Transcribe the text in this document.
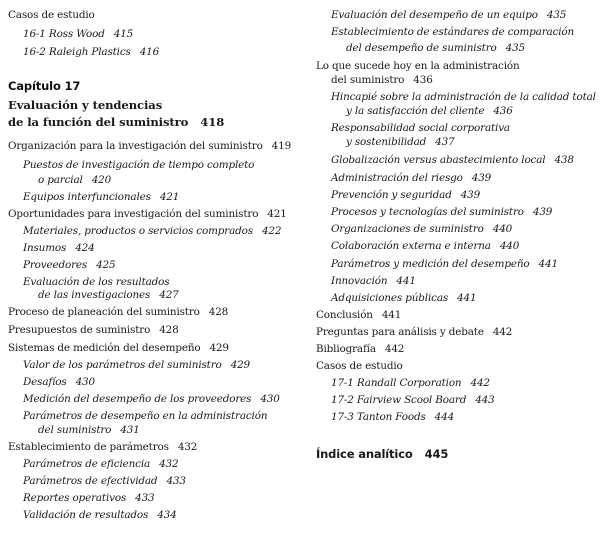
Casos de estudio
16-1 Ross Wood 415
16-2 Raleigh Plastics 416
Capítulo 17
Evaluación y tendencias
de la función del suministro 418
Organización para la investigación del suministro 419
Puestos de investigación de tiempo completo
o parcial 420
Equipos interfuncionales 421
Oportunidades para investigación del suministro 421
Materiales, productos o servicios comprados 422
Insumos 424
Proveedores 425
Evaluación de los resultados
de las investigaciones 427
Proceso de planeación del suministro 428
Presupuestos de suministro 428
Sistemas de medición del desempeño 429
Valor de los parámetros del suministro 429
Desafíos 430
Medición del desempeño de los proveedores 430
Parámetros de desempeño en la administración
del suministro 431
Establecimiento de parámetros 432
Parámetros de eficiencia 432
Parámetros de efectividad 433
Reportes operativos 433
Validación de resultados 434
Evaluación del desempeño de un equipo 435
Establecimiento de estándares de comparación
del desempeño de suministro 435
Lo que sucede hoy en la administración
del suministro 436
Hincapié sobre la administración de la calidad total
y la satisfacción del cliente 436
Responsabilidad social corporativa
y sostenibilidad 437
Globalización versus abastecimiento local 438
Administración del riesgo 439
Prevención y seguridad 439
Procesos y tecnologías del suministro 439
Organizaciones de suministro 440
Colaboración externa e interna 440
Parámetros y medición del desempeño 441
Innovación 441
Adquisiciones públicas 441
Conclusión 441
Preguntas para análisis y debate 442
Bibliografía 442
Casos de estudio
17-1 Randall Corporation 442
17-2 Fairview Scool Board 443
17-3 Tanton Foods 444
Índice analítico 445
